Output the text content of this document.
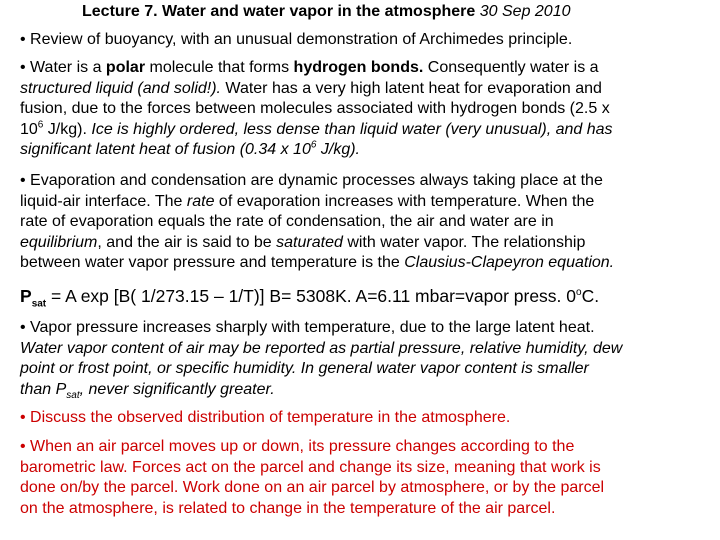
Lecture 7. Water and water vapor in the atmosphere 30 Sep 2010
• Review of buoyancy, with an unusual demonstration of Archimedes principle.
• Water is a polar molecule that forms hydrogen bonds. Consequently water is a
structured liquid (and solid!). Water has a very high latent heat for evaporation and
fusion, due to the forces between molecules associated with hydrogen bonds (2.5 x
$10^6$ J/kg). Ice is highly ordered, less dense than liquid water (very unusual), and has
significant latent heat of fusion (0.34 x $10^6$ J/kg).
• Evaporation and condensation are dynamic processes always taking place at the
liquid-air interface. The rate of evaporation increases with temperature. When the
rate of evaporation equals the rate of condensation, the air and water are in
equilibrium, and the air is said to be saturated with water vapor. The relationship
between water vapor pressure and temperature is the Clausius-Clapeyron equation.
$P_{sat} = A$ exp [B( 1/273.15 – 1/T)] B= 5308K. A=6.11 mbar=vapor press. 0$^o$C.
• Vapor pressure increases sharply with temperature, due to the large latent heat.
Water vapor content of air may be reported as partial pressure, relative humidity, dew
point or frost point, or specific humidity. In general water vapor content is smaller
than $P_{sat}$, never significantly greater.
• Discuss the observed distribution of temperature in the atmosphere.
• When an air parcel moves up or down, its pressure changes according to the
barometric law. Forces act on the parcel and change its size, meaning that work is
done on/by the parcel. Work done on an air parcel by atmosphere, or by the parcel
on the atmosphere, is related to change in the temperature of the air parcel.
